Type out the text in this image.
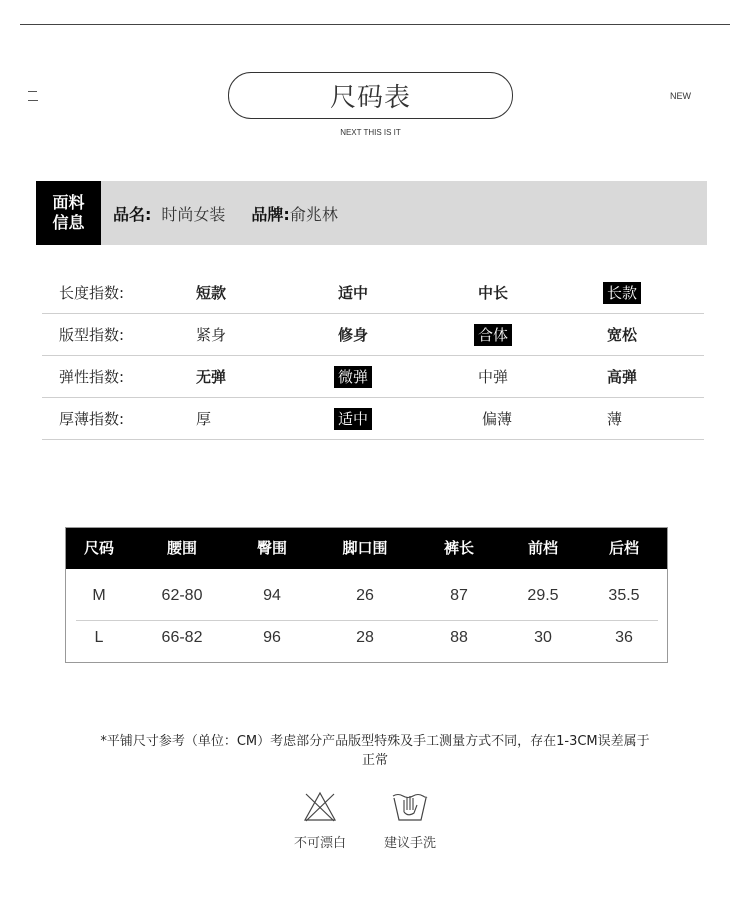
尺码表
NEXT THIS IS IT
NEW
面料
信息 品名: 时尚女装 品牌: 俞兆林
长度指数:	短款	适中	中长	长款
版型指数:	紧身	修身	合体	宽松
弹性指数:	无弹	微弹	中弹	高弹
厚薄指数:	厚	适中	偏薄	薄
尺码	腰围	臀围	脚口围	裤长	前档	后档
M	62-80	94	26	87	29.5	35.5
L	66-82	96	28	88	30	36
*平铺尺寸参考（单位：CM）考虑部分产品版型特殊及手工测量方式不同，存在1-3CM误差属于
正常
不可漂白	建议手洗
